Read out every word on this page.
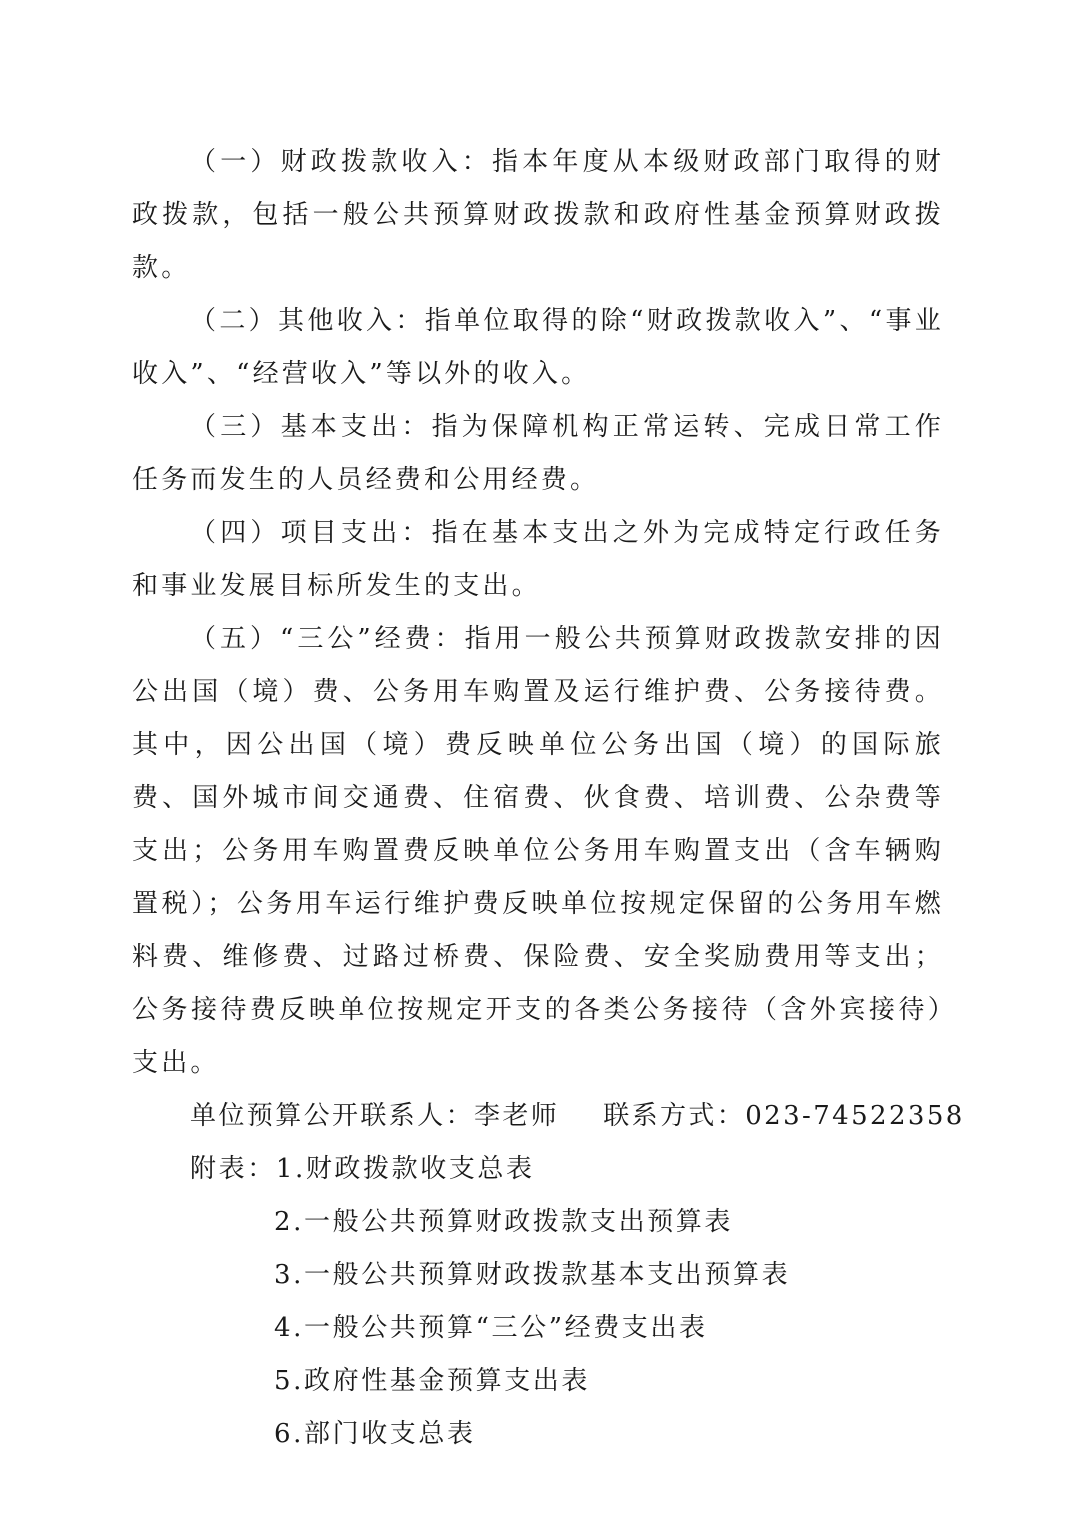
（一）财政拨款收入：指本年度从本级财政部门取得的财政拨款，包括一般公共预算财政拨款和政府性基金预算财政拨款。

（二）其他收入：指单位取得的除“财政拨款收入”、“事业收入”、“经营收入”等以外的收入。

（三）基本支出：指为保障机构正常运转、完成日常工作任务而发生的人员经费和公用经费。

（四）项目支出：指在基本支出之外为完成特定行政任务和事业发展目标所发生的支出。

（五）“三公”经费：指用一般公共预算财政拨款安排的因公出国（境）费、公务用车购置及运行维护费、公务接待费。其中，因公出国（境）费反映单位公务出国（境）的国际旅费、国外城市间交通费、住宿费、伙食费、培训费、公杂费等支出；公务用车购置费反映单位公务用车购置支出（含车辆购置税）；公务用车运行维护费反映单位按规定保留的公务用车燃料费、维修费、过路过桥费、保险费、安全奖励费用等支出；公务接待费反映单位按规定开支的各类公务接待（含外宾接待）支出。

单位预算公开联系人：李老师 联系方式：023-74522358

附表：1.财政拨款收支总表

2.一般公共预算财政拨款支出预算表
3.一般公共预算财政拨款基本支出预算表
4.一般公共预算“三公”经费支出表
5.政府性基金预算支出表
6.部门收支总表
